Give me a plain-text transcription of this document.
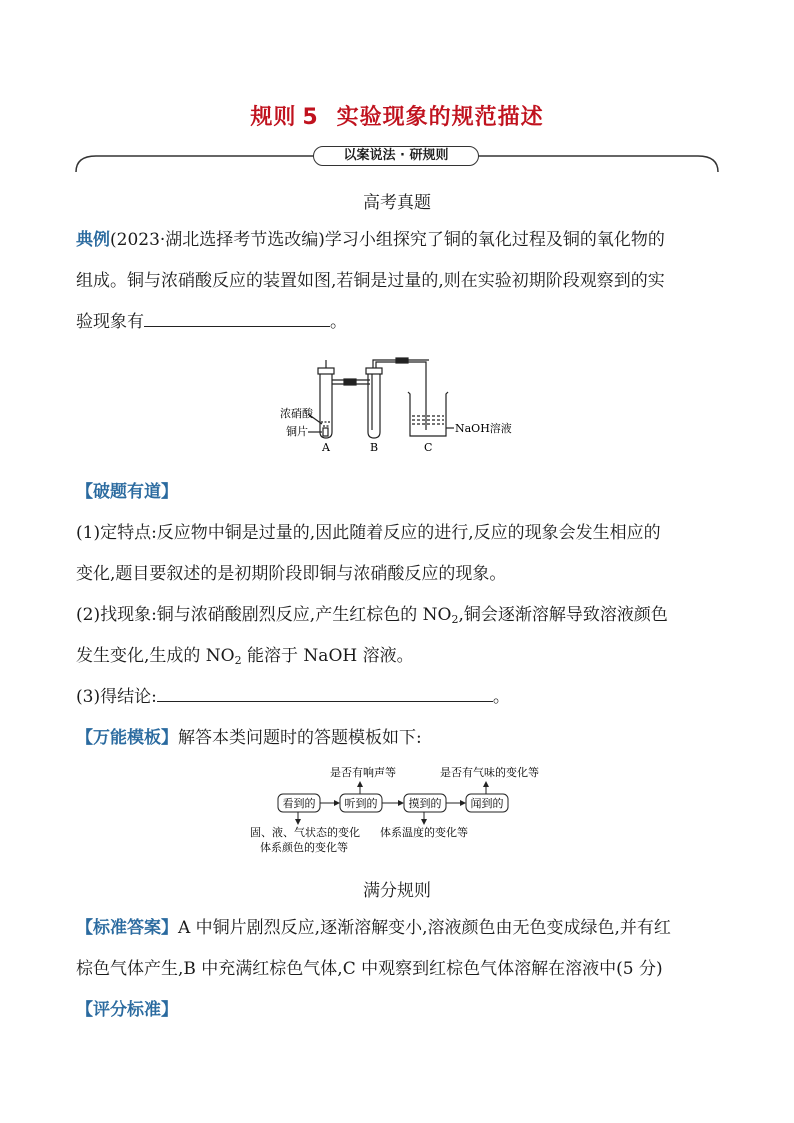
规则 5 实验现象的规范描述
以案说法 · 研规则
高考真题
典例(2023·湖北选择考节选改编)学习小组探究了铜的氧化过程及铜的氧化物的
组成。铜与浓硝酸反应的装置如图,若铜是过量的,则在实验初期阶段观察到的实
验现象有	。
浓硝酸
铜片
A	B	C
NaOH溶液
【破题有道】
(1)定特点:反应物中铜是过量的,因此随着反应的进行,反应的现象会发生相应的
变化,题目要叙述的是初期阶段即铜与浓硝酸反应的现象。
(2)找现象:铜与浓硝酸剧烈反应,产生红棕色的 $NO_2$,铜会逐渐溶解导致溶液颜色
发生变化,生成的 $NO_2$ 能溶于 NaOH 溶液。
(3)得结论:	。
【万能模板】解答本类问题时的答题模板如下:
是否有响声等	是否有气味的变化等
看到的	听到的	摸到的	闻到的
固、液、气状态的变化
体系颜色的变化等
体系温度的变化等
满分规则
【标准答案】A 中铜片剧烈反应,逐渐溶解变小,溶液颜色由无色变成绿色,并有红
棕色气体产生,B 中充满红棕色气体,C 中观察到红棕色气体溶解在溶液中(5 分)
【评分标准】
